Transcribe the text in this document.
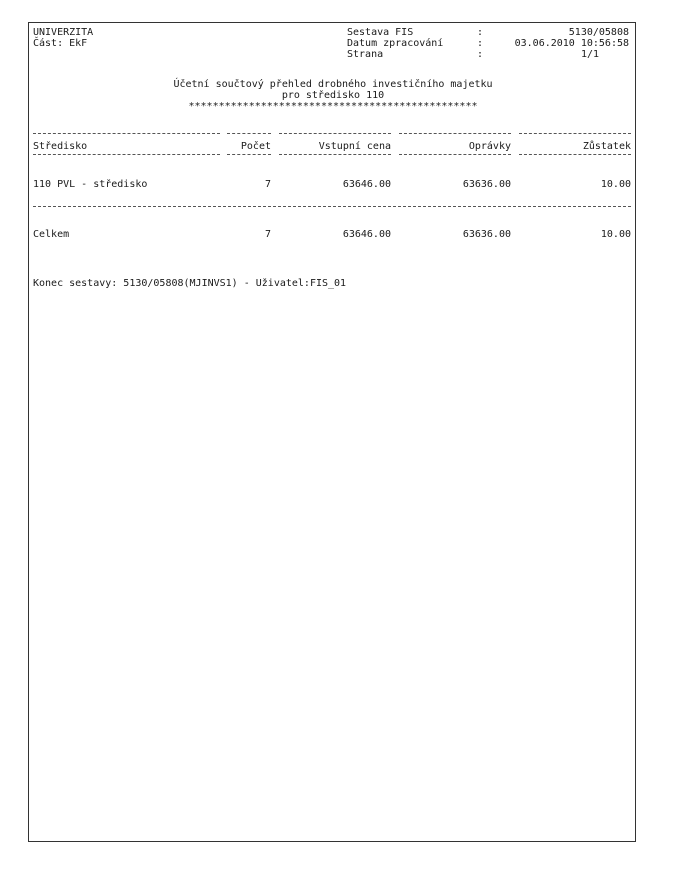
UNIVERZITA
Část: EkF
Sestava FIS	:	5130/05808
Datum zpracování	:	03.06.2010 10:56:58
Strana	:	1/1
Účetní součtový přehled drobného investičního majetku
pro středisko 110
************************************************
Středisko	Počet	Vstupní cena	Oprávky	Zůstatek
110 PVL - středisko	7	63646.00	63636.00	10.00
Celkem	7	63646.00	63636.00	10.00
Konec sestavy: 5130/05808(MJINVS1) - Uživatel:FIS_01
